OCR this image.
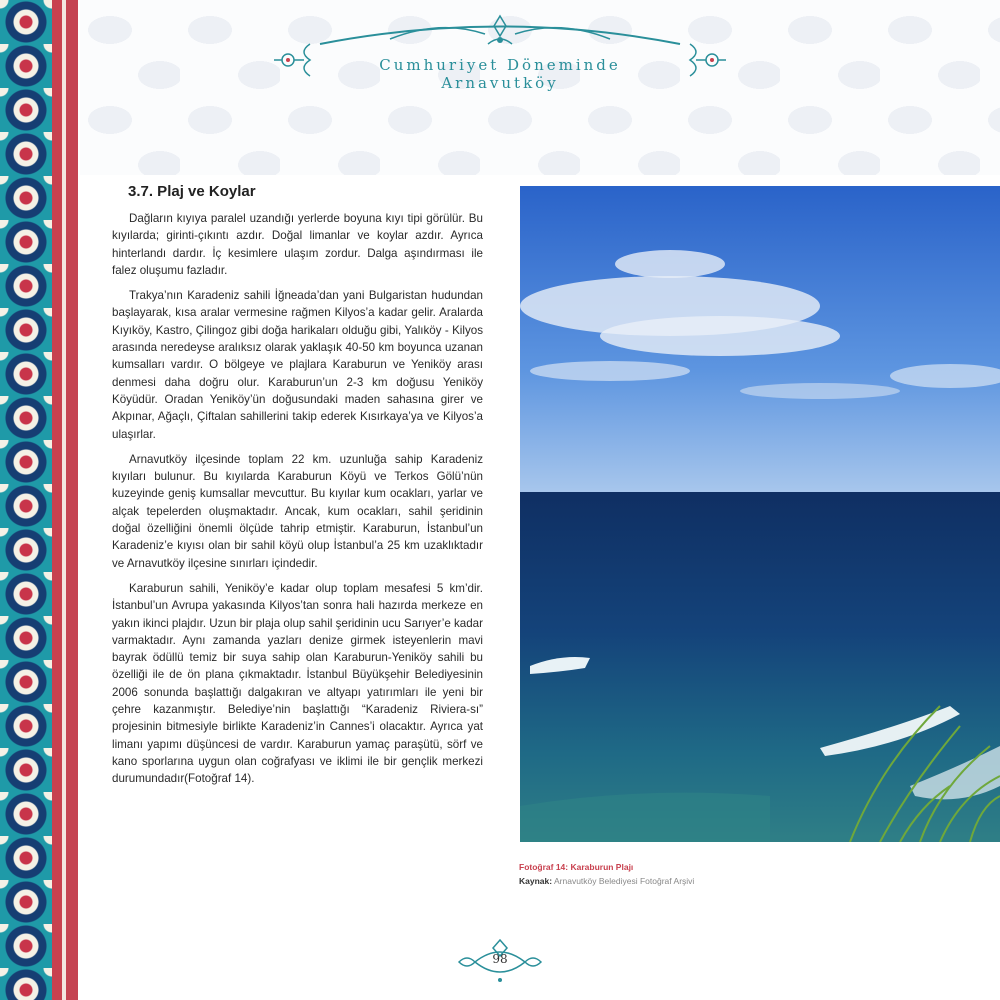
Cumhuriyet Döneminde Arnavutköy
3.7. Plaj ve Koylar

Dağların kıyıya paralel uzandığı yerlerde boyuna kıyı tipi görülür. Bu kıyılarda; girinti-çıkıntı azdır. Doğal limanlar ve koylar azdır. Ayrıca hinterlandı dardır. İç kesimlere ulaşım zordur. Dalga aşındırması ile falez oluşumu fazladır.

Trakya’nın Karadeniz sahili İğneada’dan yani Bulgaristan hudundan başlayarak, kısa aralar vermesine rağmen Kilyos’a kadar gelir. Aralarda Kıyıköy, Kastro, Çilingoz gibi doğa harikaları olduğu gibi, Yalıköy - Kilyos arasında neredeyse aralıksız olarak yaklaşık 40-50 km boyunca uzanan kumsalları vardır. O bölgeye ve plajlara Karaburun ve Yeniköy arası denmesi daha doğru olur. Karaburun’un 2-3 km doğusu Yeniköy Köyüdür. Oradan Yeniköy’ün doğusundaki maden sahasına girer ve Akpınar, Ağaçlı, Çiftalan sahillerini takip ederek Kısırkaya’ya ve Kilyos’a ulaşırlar.

Arnavutköy ilçesinde toplam 22 km. uzunluğa sahip Karadeniz kıyıları bulunur. Bu kıyılarda Karaburun Köyü ve Terkos Gölü’nün kuzeyinde geniş kumsallar mevcuttur. Bu kıyılar kum ocakları, yarlar ve alçak tepelerden oluşmaktadır. Ancak, kum ocakları, sahil şeridinin doğal özelliğini önemli ölçüde tahrip etmiştir. Karaburun, İstanbul’un Karadeniz’e kıyısı olan bir sahil köyü olup İstanbul’a 25 km uzaklıktadır ve Arnavutköy ilçesine sınırları içindedir.

Karaburun sahili, Yeniköy’e kadar olup toplam mesafesi 5 km’dir. İstanbul’un Avrupa yakasında Kilyos’tan sonra hali hazırda merkeze en yakın ikinci plajdır. Uzun bir plaja olup sahil şeridinin ucu Sarıyer’e kadar varmaktadır. Aynı zamanda yazları denize girmek isteyenlerin mavi bayrak ödüllü temiz bir suya sahip olan Karaburun-Yeniköy sahili bu özelliği ile de ön plana çıkmaktadır. İstanbul Büyükşehir Belediyesinin 2006 sonunda başlattığı dalgakıran ve altyapı yatırımları ile yeni bir çehre kazanmıştır. Belediye’nin başlattığı “Karadeniz Riviera-sı” projesinin bitmesiyle birlikte Karadeniz’in Cannes’i olacaktır. Ayrıca yat limanı yapımı düşüncesi de vardır. Karaburun yamaç paraşütü, sörf ve kano sporlarına uygun olan coğrafyası ve iklimi ile bir gençlik merkezi durumundadır(Fotoğraf 14).

Fotoğraf 14: Karaburun Plajı
Kaynak: Arnavutköy Belediyesi Fotoğraf Arşivi
98
